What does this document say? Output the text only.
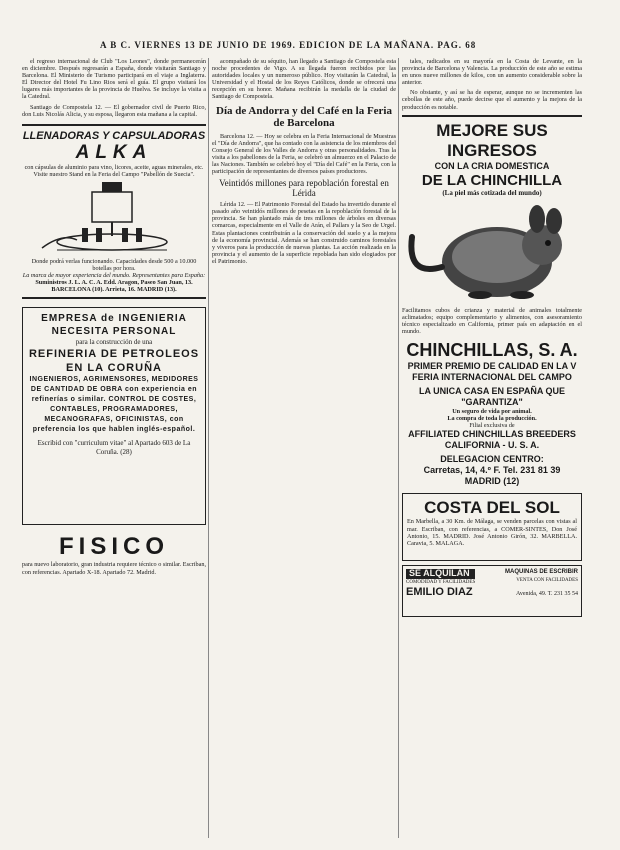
A B C. VIERNES 13 DE JUNIO DE 1969. EDICION DE LA MAÑANA. PAG. 68

el regreso internacional de Club "Los Leones", donde permanecerán en diciembre. Después regresarán a España, donde visitarán Santiago y Barcelona. El Ministerio de Turismo participará en el viaje a Inglaterra. El Director del Hotel Fu Lino Rios será el guía. El grupo visitará los lugares más importantes de la provincia de Huelva. Se incluye la visita a la Catedral.

Santiago de Compostela 12. — El gobernador civil de Puerto Rico, don Luis Nicolás Alicia, y su esposa, llegaron esta mañana a la capital.

LLENADORAS Y CAPSULADORAS
ALKA
con cápsulas de aluminio para vino, licores, aceite, aguas minerales, etc.
Visite nuestro Stand en la Feria del Campo "Pabellón de Suecia".
Donde podrá verlas funcionando. Capacidades desde 500 a 10.000 botellas por hora.
La marca de mayor experiencia del mundo. Representantes para España:
Suministros J. L. A. C. A. Edd. Aragon, Paseo San Juan, 13. BARCELONA (10). Arrieta, 16. MADRID (13).
EMPRESA de INGENIERIA
NECESITA PERSONAL
para la construcción de una
REFINERIA DE PETROLEOS
EN LA CORUÑA
INGENIEROS, AGRIMENSORES, MEDIDORES DE CANTIDAD DE OBRA con experiencia en refinerías o similar. CONTROL DE COSTES, CONTABLES, PROGRAMADORES, MECANOGRAFAS, OFICINISTAS, con preferencia los que hablen inglés-español.
Escribid con "curriculum vitae" al Apartado 603 de La Coruña. (28)
FISICO
para nuevo laboratorio, gran industria requiere técnico o similar. Escriban, con referencias. Apartado X-18. Apartado 72. Madrid.

acompañado de su séquito, han llegado a Santiago de Compostela esta noche procedentes de Vigo. A su llegada fueron recibidos por las autoridades locales y un numeroso público. Hoy visitarán la Catedral, la Universidad y el Hostal de los Reyes Católicos, donde se ofrecerá una recepción en su honor. Mañana recibirán la medalla de la ciudad de Santiago de Compostela.

Día de Andorra y del Café en la Feria de Barcelona

Barcelona 12. — Hoy se celebra en la Feria Internacional de Muestras el "Día de Andorra", que ha contado con la asistencia de los miembros del Consejo General de los Valles de Andorra y otras personalidades. Tras la visita a los pabellones de la Feria, se celebró un almuerzo en el Palacio de las Naciones. También se celebró hoy el "Día del Café" en la Feria, con la participación de representantes de diversos países productores.

Veintidós millones para repoblación forestal en Lérida

Lérida 12. — El Patrimonio Forestal del Estado ha invertido durante el pasado año veintidós millones de pesetas en la repoblación forestal de la provincia. Se han plantado más de tres millones de árboles en diversas comarcas, especialmente en el Valle de Arán, el Pallars y la Seo de Urgel. Estas plantaciones contribuirán a la conservación del suelo y a la mejora de la economía provincial. Además se han construido caminos forestales y viveros para la producción de nuevas plantas. La acción realizada en la provincia y el aumento de la superficie repoblada han sido elogiados por el Patrimonio.

tales, radicados en su mayoría en la Costa de Levante, en la provincia de Barcelona y Valencia. La producción de este año se estima en unos nueve millones de kilos, con un aumento considerable sobre la anterior.

No obstante, y así se ha de esperar, aunque no se incrementen las cebollas de este año, puede decirse que el aumento y la mejora de la producción es notable.

MEJORE SUS INGRESOS
CON LA CRIA DOMESTICA
DE LA CHINCHILLA
(La piel más cotizada del mundo)
Facilitamos cubos de crianza y material de animales totalmente aclimatados; equipo complementario y alimentos, con asesoramiento técnico especializado en California, primer país en adaptación en el mundo.
CHINCHILLAS, S. A.
PRIMER PREMIO DE CALIDAD EN LA V FERIA INTERNACIONAL DEL CAMPO
LA UNICA CASA EN ESPAÑA QUE "GARANTIZA"
Un seguro de vida por animal.
La compra de toda la producción.
Filial exclusiva de
AFFILIATED CHINCHILLAS BREEDERS
CALIFORNIA - U. S. A.
DELEGACION CENTRO:
Carretas, 14, 4.º F. Tel. 231 81 39
MADRID (12)
COSTA DEL SOL
En Marbella, a 30 Km. de Málaga, se venden parcelas con vistas al mar. Escriban, con referencias, a COMER-SINTES, Don José Antonio, 15. MADRID. José Antonio Girón, 32. MARBELLA. Caravia, 5. MALAGA.
SE ALQUILAN
COMODIDAD Y FACILIDADES
MAQUINAS DE ESCRIBIR
VENTA CON FACILIDADES
EMILIO DIAZ	Avenida, 49. T. 231 35 54
